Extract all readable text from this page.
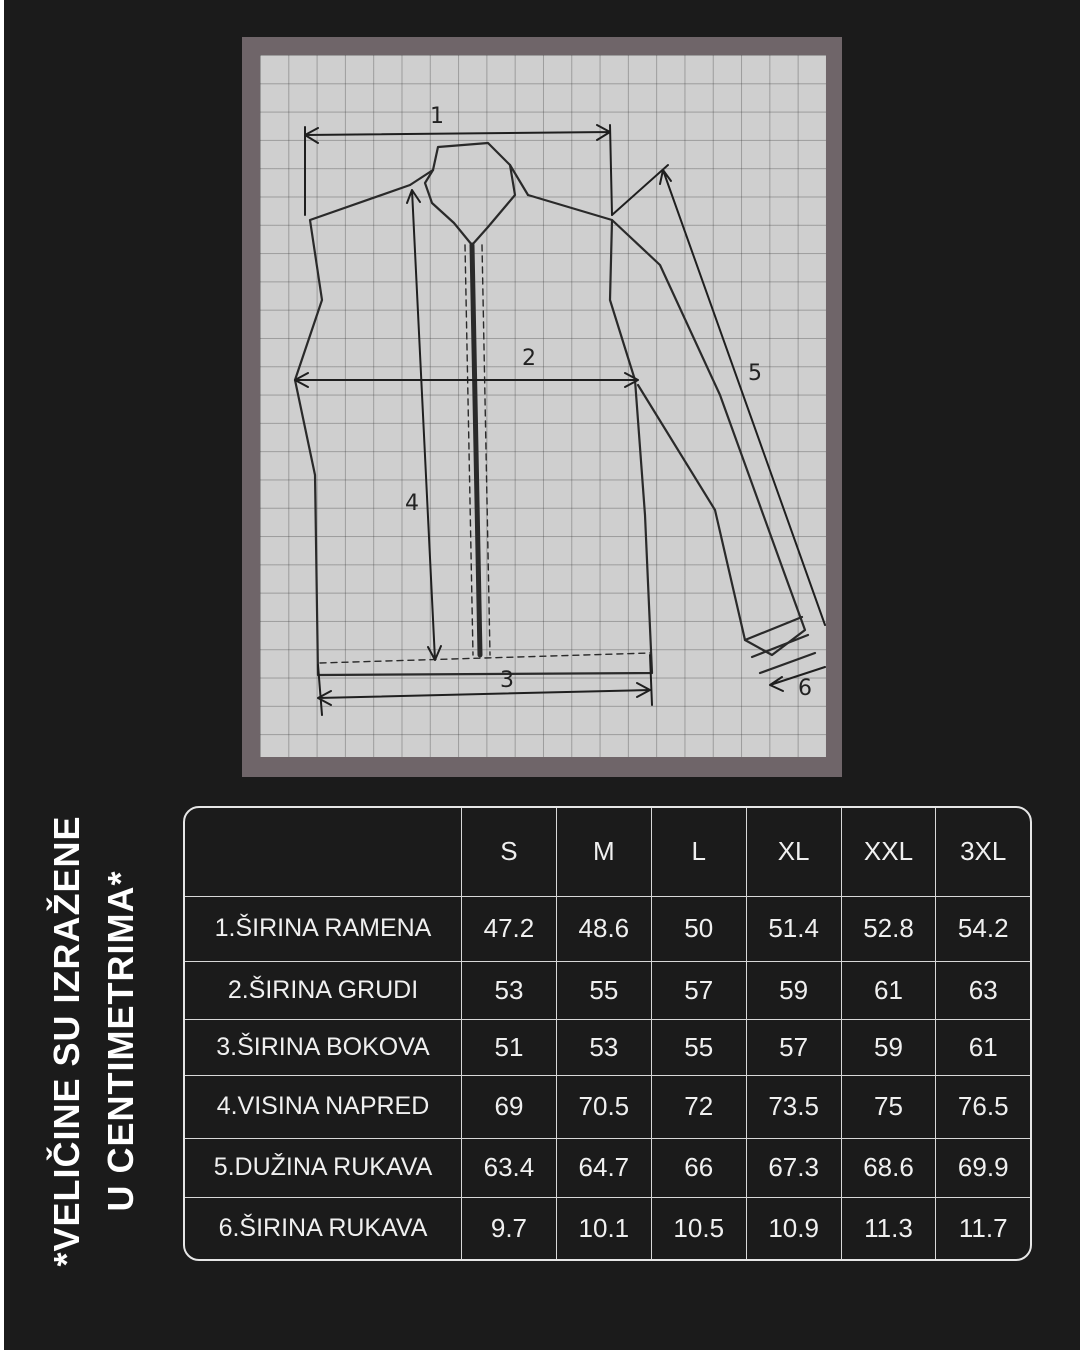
1
2
3
4
5
6
*VELIČINE SU IZRAŽENE U CENTIMETRIMA*
	S	M	L	XL	XXL	3XL
1.ŠIRINA RAMENA	47.2	48.6	50	51.4	52.8	54.2
2.ŠIRINA GRUDI	53	55	57	59	61	63
3.ŠIRINA BOKOVA	51	53	55	57	59	61
4.VISINA NAPRED	69	70.5	72	73.5	75	76.5
5.DUŽINA RUKAVA	63.4	64.7	66	67.3	68.6	69.9
6.ŠIRINA RUKAVA	9.7	10.1	10.5	10.9	11.3	11.7
